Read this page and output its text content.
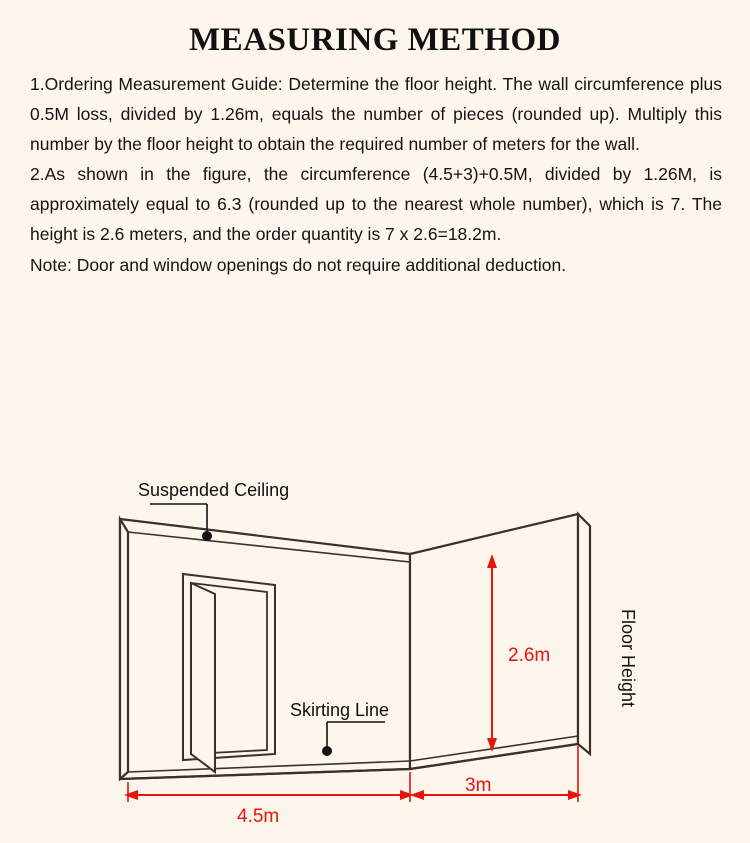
MEASURING METHOD

1.Ordering Measurement Guide: Determine the floor height. The wall circumference plus 0.5M loss, divided by 1.26m, equals the number of pieces (rounded up). Multiply this number by the floor height to obtain the required number of meters for the wall.

2.As shown in the figure, the circumference (4.5+3)+0.5M, divided by 1.26M, is approximately equal to 6.3 (rounded up to the nearest whole number), which is 7. The height is 2.6 meters, and the order quantity is 7 x 2.6=18.2m.

Note: Door and window openings do not require additional deduction.

Suspended Ceiling
Skirting Line
2.6m	Floor Height
4.5m
3m
